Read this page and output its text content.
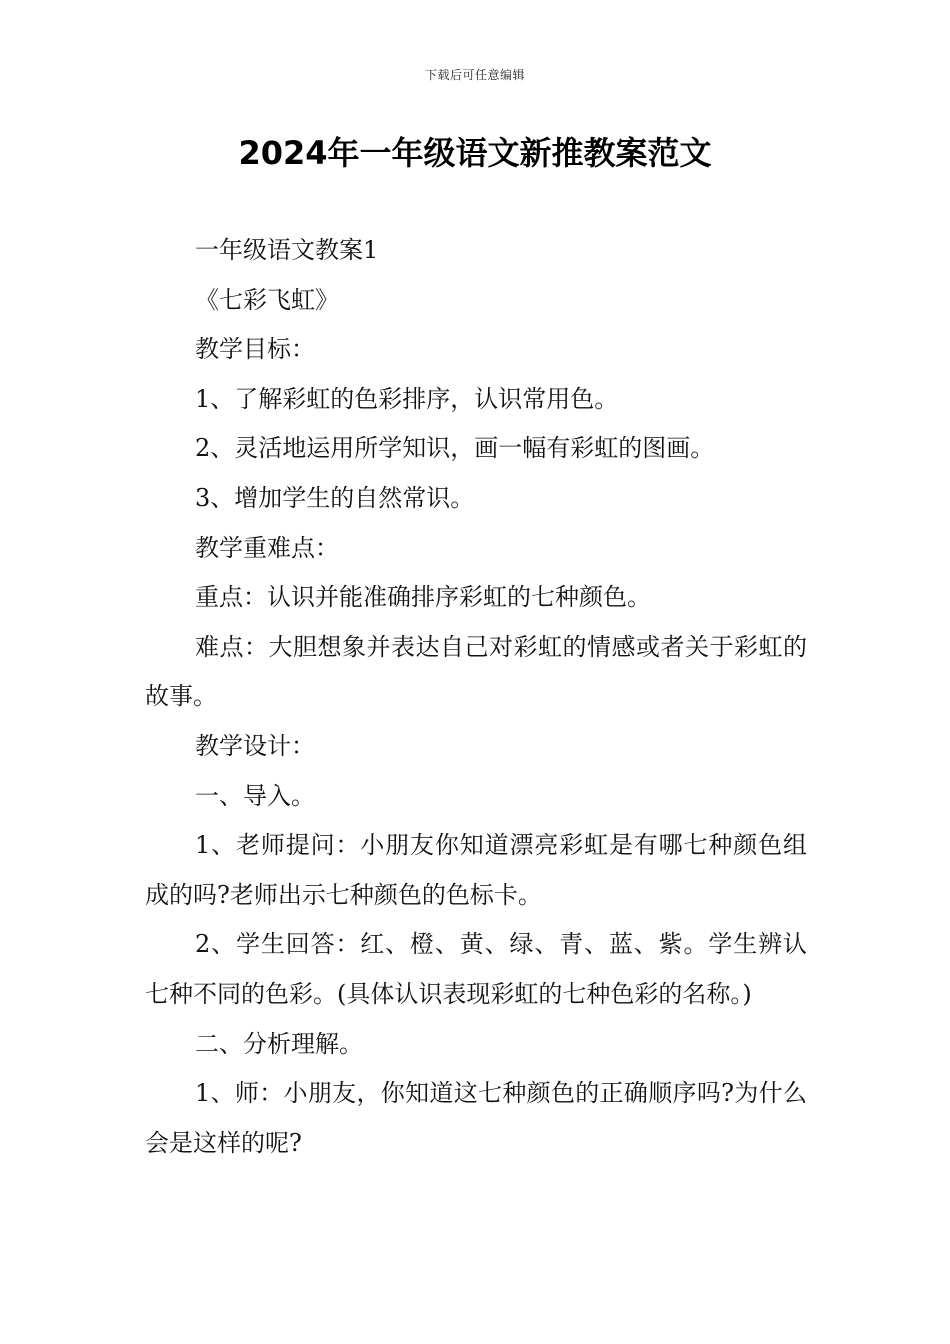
下载后可任意编辑
2024年一年级语文新推教案范文

一年级语文教案1

《七彩飞虹》

教学目标：

1、了解彩虹的色彩排序，认识常用色。

2、灵活地运用所学知识，画一幅有彩虹的图画。

3、增加学生的自然常识。

教学重难点：

重点：认识并能准确排序彩虹的七种颜色。

难点：大胆想象并表达自己对彩虹的情感或者关于彩虹的故事。

教学设计：

一、导入。

1、老师提问：小朋友你知道漂亮彩虹是有哪七种颜色组成的吗?老师出示七种颜色的色标卡。

2、学生回答：红、橙、黄、绿、青、蓝、紫。学生辨认七种不同的色彩。(具体认识表现彩虹的七种色彩的名称。)

二、分析理解。

1、师：小朋友，你知道这七种颜色的正确顺序吗?为什么会是这样的呢?
